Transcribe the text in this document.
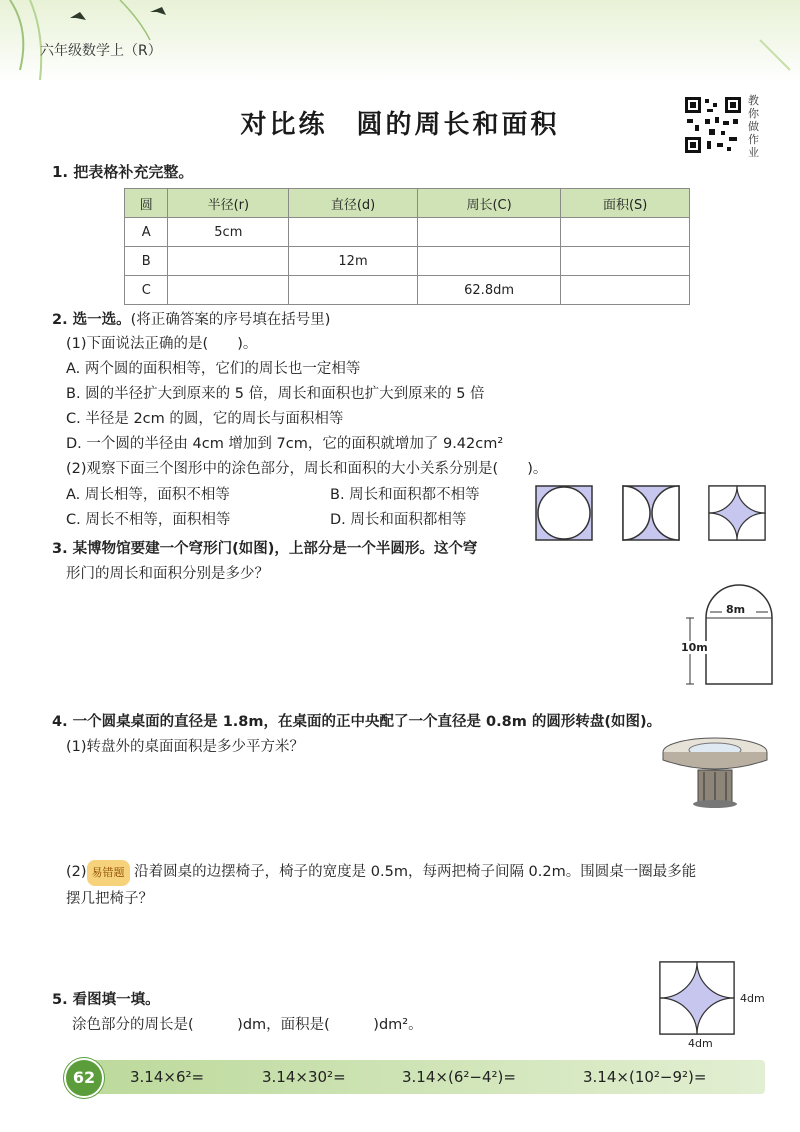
六年级数学上（R）
对比练　圆的周长和面积
教你做作业
1. 把表格补充完整。
圆	半径(r)	直径(d)	周长(C)	面积(S)
A	5cm			
B		12m		
C			62.8dm	
2. 选一选。(将正确答案的序号填在括号里)
(1)下面说法正确的是(　　)。
A. 两个圆的面积相等，它们的周长也一定相等
B. 圆的半径扩大到原来的 5 倍，周长和面积也扩大到原来的 5 倍
C. 半径是 2cm 的圆，它的周长与面积相等
D. 一个圆的半径由 4cm 增加到 7cm，它的面积就增加了 9.42cm²
(2)观察下面三个图形中的涂色部分，周长和面积的大小关系分别是(　　)。
A. 周长相等，面积不相等	B. 周长和面积都不相等
C. 周长不相等，面积相等	D. 周长和面积都相等
3. 某博物馆要建一个穹形门(如图)，上部分是一个半圆形。这个穹
形门的周长和面积分别是多少？
8m
10m
4. 一个圆桌桌面的直径是 1.8m，在桌面的正中央配了一个直径是 0.8m 的圆形转盘(如图)。
(1)转盘外的桌面面积是多少平方米？
(2) 易错题 沿着圆桌的边摆椅子，椅子的宽度是 0.5m，每两把椅子间隔 0.2m。围圆桌一圈最多能
摆几把椅子？
5. 看图填一填。
涂色部分的周长是(　　　)dm，面积是(　　　)dm²。
4dm
4dm
62	3.14×6²=	3.14×30²=	3.14×(6²−4²)=	3.14×(10²−9²)=
